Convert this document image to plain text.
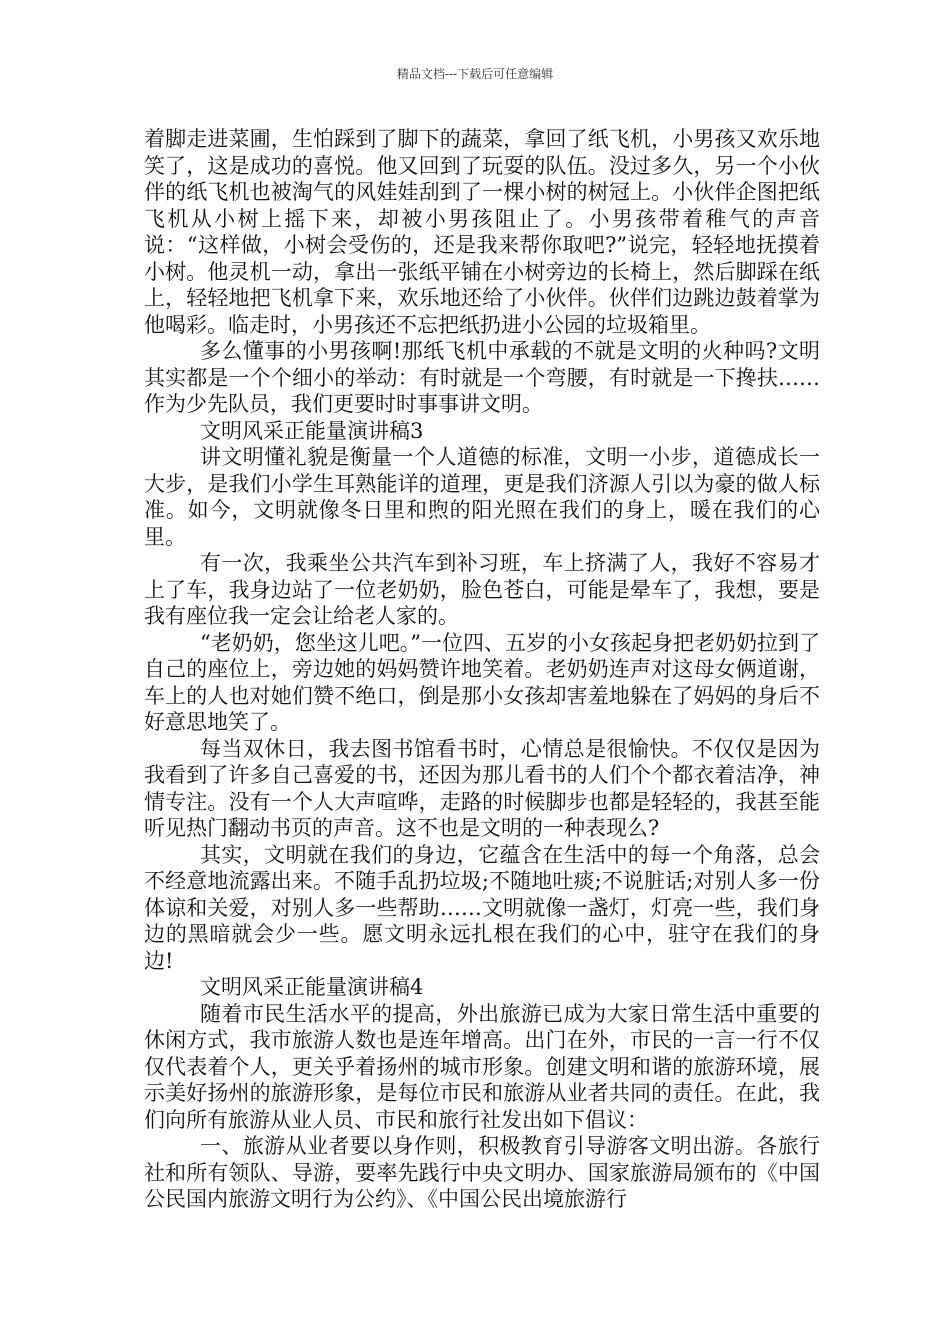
精品文档---下载后可任意编辑

着脚走进菜圃，生怕踩到了脚下的蔬菜，拿回了纸飞机，小男孩又欢乐地笑了，这是成功的喜悦。他又回到了玩耍的队伍。没过多久，另一个小伙伴的纸飞机也被淘气的风娃娃刮到了一棵小树的树冠上。小伙伴企图把纸飞机从小树上摇下来，却被小男孩阻止了。小男孩带着稚气的声音说：“这样做，小树会受伤的，还是我来帮你取吧?”说完，轻轻地抚摸着小树。他灵机一动，拿出一张纸平铺在小树旁边的长椅上，然后脚踩在纸上，轻轻地把飞机拿下来，欢乐地还给了小伙伴。伙伴们边跳边鼓着掌为他喝彩。临走时，小男孩还不忘把纸扔进小公园的垃圾箱里。

多么懂事的小男孩啊!那纸飞机中承载的不就是文明的火种吗?文明其实都是一个个细小的举动：有时就是一个弯腰，有时就是一下搀扶……作为少先队员，我们更要时时事事讲文明。

文明风采正能量演讲稿3

讲文明懂礼貌是衡量一个人道德的标准，文明一小步，道德成长一大步，是我们小学生耳熟能详的道理，更是我们济源人引以为豪的做人标准。如今，文明就像冬日里和煦的阳光照在我们的身上，暖在我们的心里。

有一次，我乘坐公共汽车到补习班，车上挤满了人，我好不容易才上了车，我身边站了一位老奶奶，脸色苍白，可能是晕车了，我想，要是我有座位我一定会让给老人家的。

“老奶奶，您坐这儿吧。”一位四、五岁的小女孩起身把老奶奶拉到了自己的座位上，旁边她的妈妈赞许地笑着。老奶奶连声对这母女俩道谢，车上的人也对她们赞不绝口，倒是那小女孩却害羞地躲在了妈妈的身后不好意思地笑了。

每当双休日，我去图书馆看书时，心情总是很愉快。不仅仅是因为我看到了许多自己喜爱的书，还因为那儿看书的人们个个都衣着洁净，神情专注。没有一个人大声喧哗，走路的时候脚步也都是轻轻的，我甚至能听见热门翻动书页的声音。这不也是文明的一种表现么?

其实，文明就在我们的身边，它蕴含在生活中的每一个角落，总会不经意地流露出来。不随手乱扔垃圾;不随地吐痰;不说脏话;对别人多一份体谅和关爱，对别人多一些帮助……文明就像一盏灯，灯亮一些，我们身边的黑暗就会少一些。愿文明永远扎根在我们的心中，驻守在我们的身边!

文明风采正能量演讲稿4

随着市民生活水平的提高，外出旅游已成为大家日常生活中重要的休闲方式，我市旅游人数也是连年增高。出门在外，市民的一言一行不仅仅代表着个人，更关乎着扬州的城市形象。创建文明和谐的旅游环境，展示美好扬州的旅游形象，是每位市民和旅游从业者共同的责任。在此，我们向所有旅游从业人员、市民和旅行社发出如下倡议：

一、旅游从业者要以身作则，积极教育引导游客文明出游。各旅行社和所有领队、导游，要率先践行中央文明办、国家旅游局颁布的《中国公民国内旅游文明行为公约》、《中国公民出境旅游行
